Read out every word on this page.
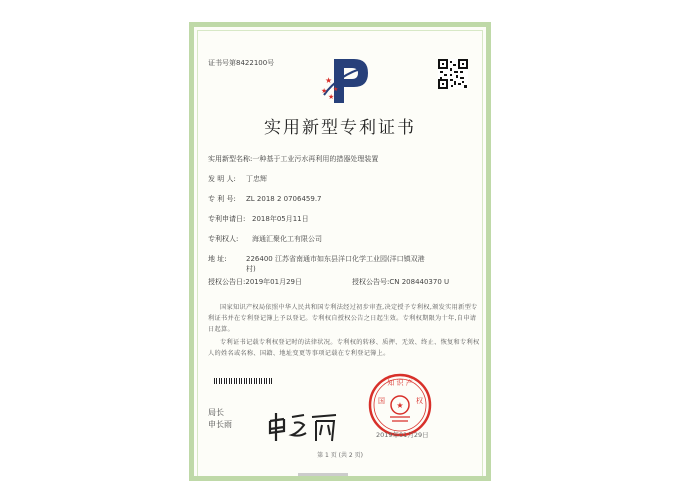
证书号第8422100号
★
★
★
★
实用新型专利证书
实用新型名称:一种基于工业污水再利用的措器处理装置
发 明 人: 丁忠辉
专 利 号: ZL 2018 2 0706459.7
专利申请日: 2018年05月11日
专利权人: 海通汇聚化工有限公司
地 址:	226400 江苏省南通市如东县洋口化学工业园(洋口镇双港
村)
授权公告日:2019年01月29日	授权公告号:CN 208440370 U
国家知识产权局依照中华人民共和国专利法经过初步审查,决定授予专利权,颁发实用新型专利证书并在专利登记簿上予以登记。专利权自授权公告之日起生效。专利权期限为十年,自申请日起算。
专利证书记载专利权登记时的法律状况。专利权的转移、质押、无效、终止、恢复和专利权人的姓名或名称、国籍、地址变更等事项记载在专利登记簿上。
局长
申长雨
知 识 产
国	权
★
2019年01月29日
第 1 页 (共 2 页)
